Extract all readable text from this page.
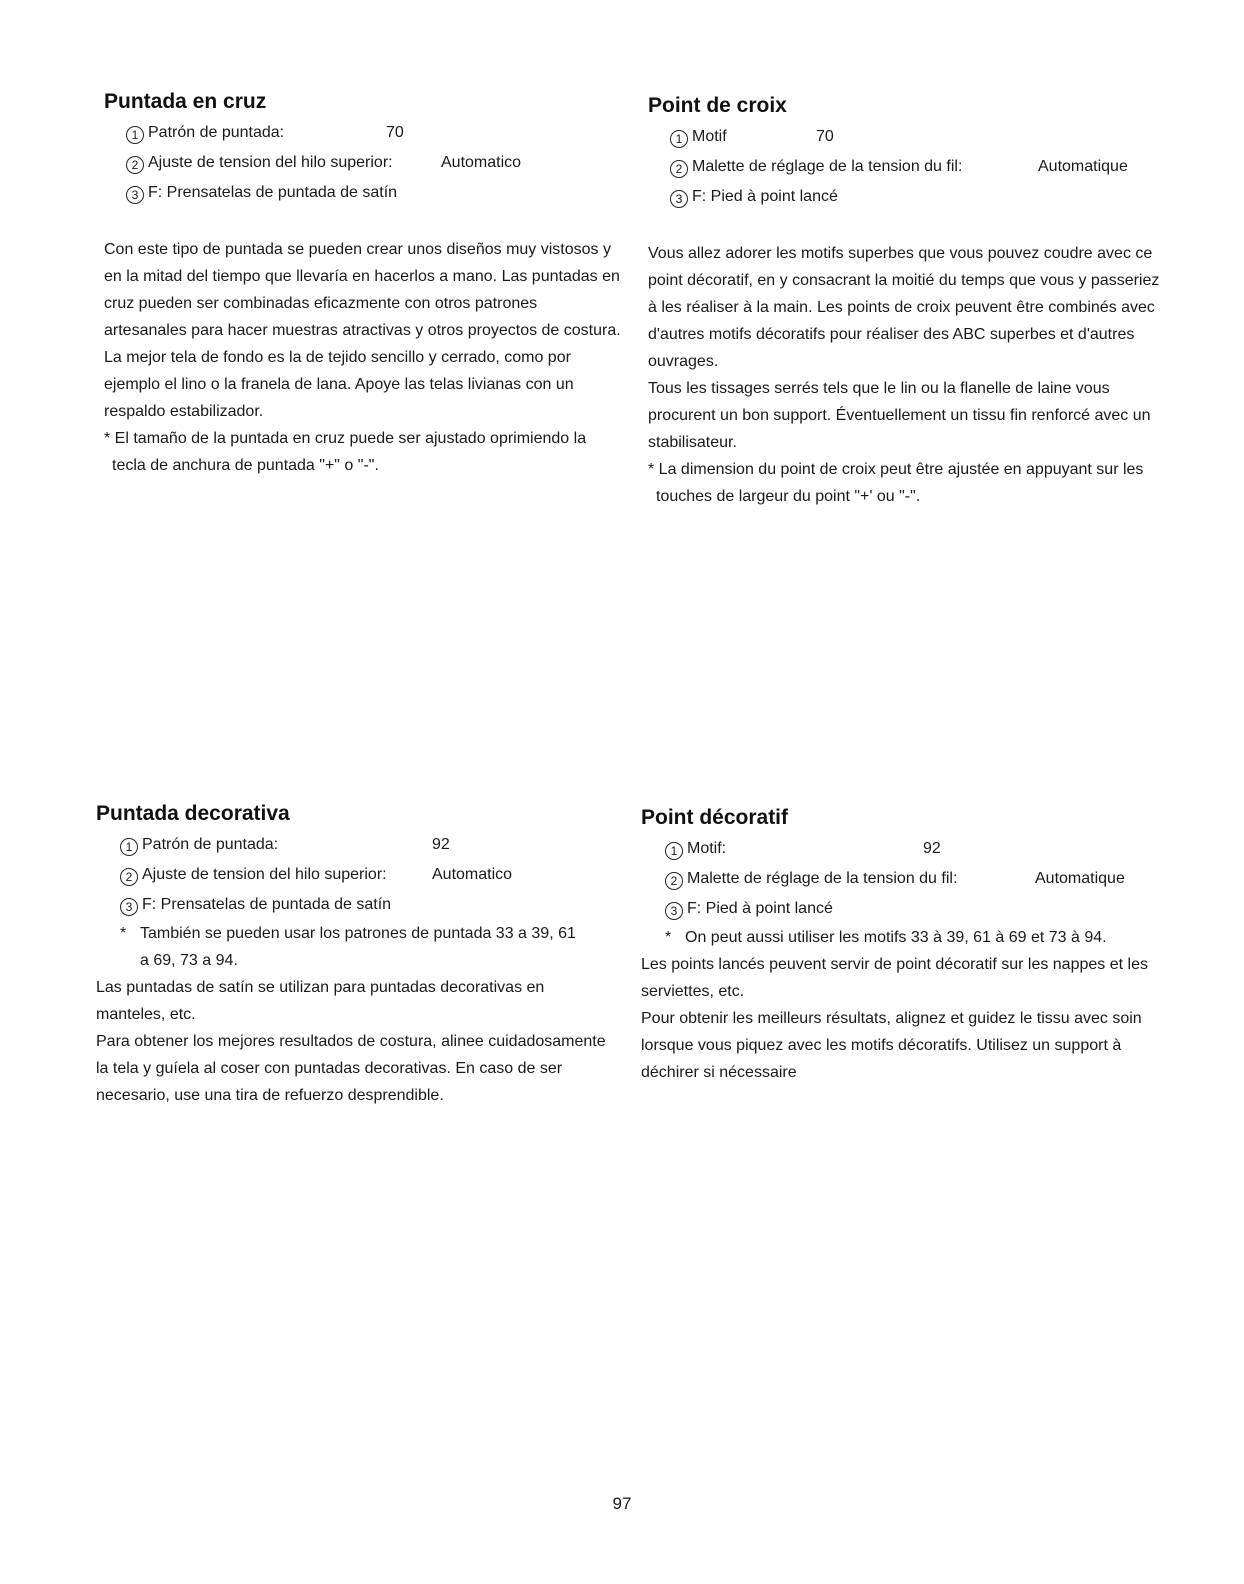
Puntada en cruz
1 Patrón de puntada:	70
2 Ajuste de tension del hilo superior:	Automatico
3 F: Prensatelas de puntada de satín

Con este tipo de puntada se pueden crear unos diseños muy vistosos y en la mitad del tiempo que llevaría en hacerlos a mano. Las puntadas en cruz pueden ser combinadas eficazmente con otros patrones artesanales para hacer muestras atractivas y otros proyectos de costura.

La mejor tela de fondo es la de tejido sencillo y cerrado, como por ejemplo el lino o la franela de lana. Apoye las telas livianas con un respaldo estabilizador.

* El tamaño de la puntada en cruz puede ser ajustado oprimiendo la tecla de anchura de puntada "+" o "-".

Point de croix
1 Motif	70
2 Malette de réglage de la tension du fil:	Automatique
3 F: Pied à point lancé

Vous allez adorer les motifs superbes que vous pouvez coudre avec ce point décoratif, en y consacrant la moitié du temps que vous y passeriez à les réaliser à la main. Les points de croix peuvent être combinés avec d'autres motifs décoratifs pour réaliser des ABC superbes et d'autres ouvrages.

Tous les tissages serrés tels que le lin ou la flanelle de laine vous procurent un bon support. Éventuellement un tissu fin renforcé avec un stabilisateur.

* La dimension du point de croix peut être ajustée en appuyant sur les touches de largeur du point "+' ou "-".

Puntada decorativa
1 Patrón de puntada:	92
2 Ajuste de tension del hilo superior:	Automatico
3 F: Prensatelas de puntada de satín
* También se pueden usar los patrones de puntada 33 a 39, 61 a 69, 73 a 94.

Las puntadas de satín se utilizan para puntadas decorativas en manteles, etc.

Para obtener los mejores resultados de costura, alinee cuidadosamente la tela y guíela al coser con puntadas decorativas. En caso de ser necesario, use una tira de refuerzo desprendible.

Point décoratif
1 Motif:	92
2 Malette de réglage de la tension du fil:	Automatique
3 F: Pied à point lancé
* On peut aussi utiliser les motifs 33 à 39, 61 à 69 et 73 à 94.

Les points lancés peuvent servir de point décoratif sur les nappes et les serviettes, etc.

Pour obtenir les meilleurs résultats, alignez et guidez le tissu avec soin lorsque vous piquez avec les motifs décoratifs. Utilisez un support à déchirer si nécessaire

97
